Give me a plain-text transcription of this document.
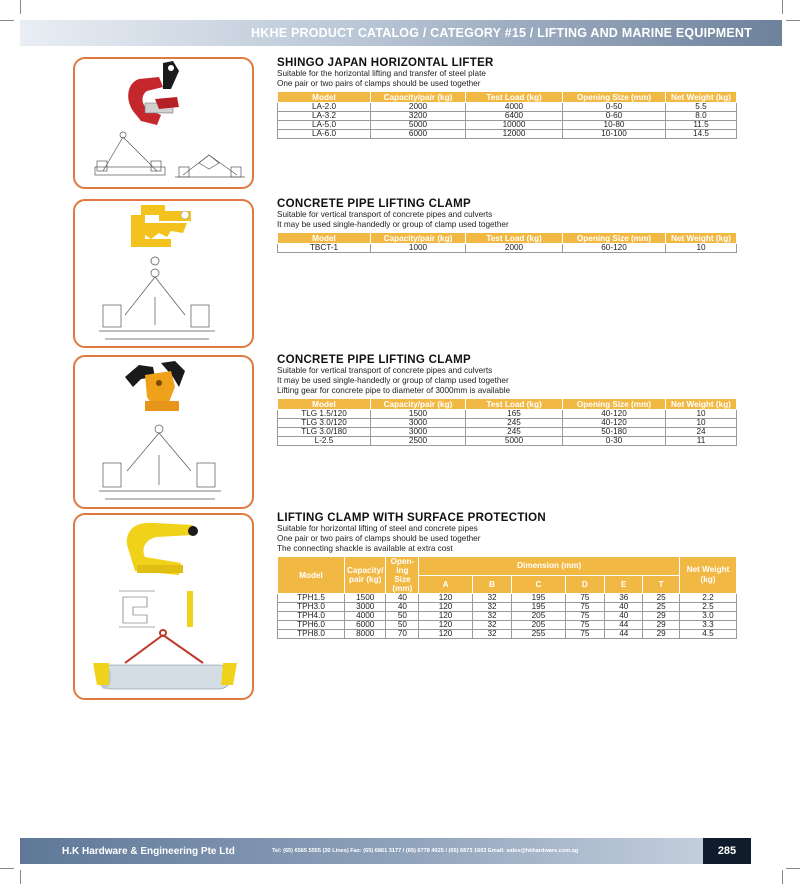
HKHE PRODUCT CATALOG / CATEGORY #15 / LIFTING AND MARINE EQUIPMENT
SHINGO JAPAN HORIZONTAL LIFTER
Suitable for the horizontal lifting and transfer of steel plate
One pair or two pairs of clamps should be used together
Model	Capacity/pair (kg)	Test Load (kg)	Opening Size (mm)	Net Weight (kg)
LA-2.0	2000	4000	0-50	5.5
LA-3.2	3200	6400	0-60	8.0
LA-5.0	5000	10000	10-80	11.5
LA-6.0	6000	12000	10-100	14.5
CONCRETE PIPE LIFTING CLAMP
Suitable for vertical transport of concrete pipes and culverts
It may be used single-handedly or group of clamp used together
Model	Capacity/pair (kg)	Test Load (kg)	Opening Size (mm)	Net Weight (kg)
TBCT-1	1000	2000	60-120	10
CONCRETE PIPE LIFTING CLAMP
Suitable for vertical transport of concrete pipes and culverts
It may be used single-handedly or group of clamp used together
Lifting gear for concrete pipe to diameter of 3000mm is available
Model	Capacity/pair (kg)	Test Load (kg)	Opening Size (mm)	Net Weight (kg)
TLG 1.5/120	1500	165	40-120	10
TLG 3.0/120	3000	245	40-120	10
TLG 3.0/180	3000	245	50-180	24
L-2.5	2500	5000	0-30	11
LIFTING CLAMP WITH SURFACE PROTECTION
Suitable for horizontal lifting of steel and concrete pipes
One pair or two pairs of clamps should be used together
The connecting shackle is available at extra cost
Model	Capacity/ pair (kg)	Open- ing Size (mm)	Dimension (mm)						Net Weight (kg)
			A	B	C	D	E	T	
TPH1.5	1500	40	120	32	195	75	36	25	2.2
TPH3.0	3000	40	120	32	195	75	40	25	2.5
TPH4.0	4000	50	120	32	205	75	40	29	3.0
TPH6.0	6000	50	120	32	205	75	44	29	3.3
TPH8.0	8000	70	120	32	255	75	44	29	4.5
H.K Hardware & Engineering Pte Ltd	Tel: (65) 6565 5555 (30 Lines) Fax: (65) 6861 3177 / (65) 6778 4025 / (65) 6873 1602 Email: sales@hkhardware.com.sg	285
